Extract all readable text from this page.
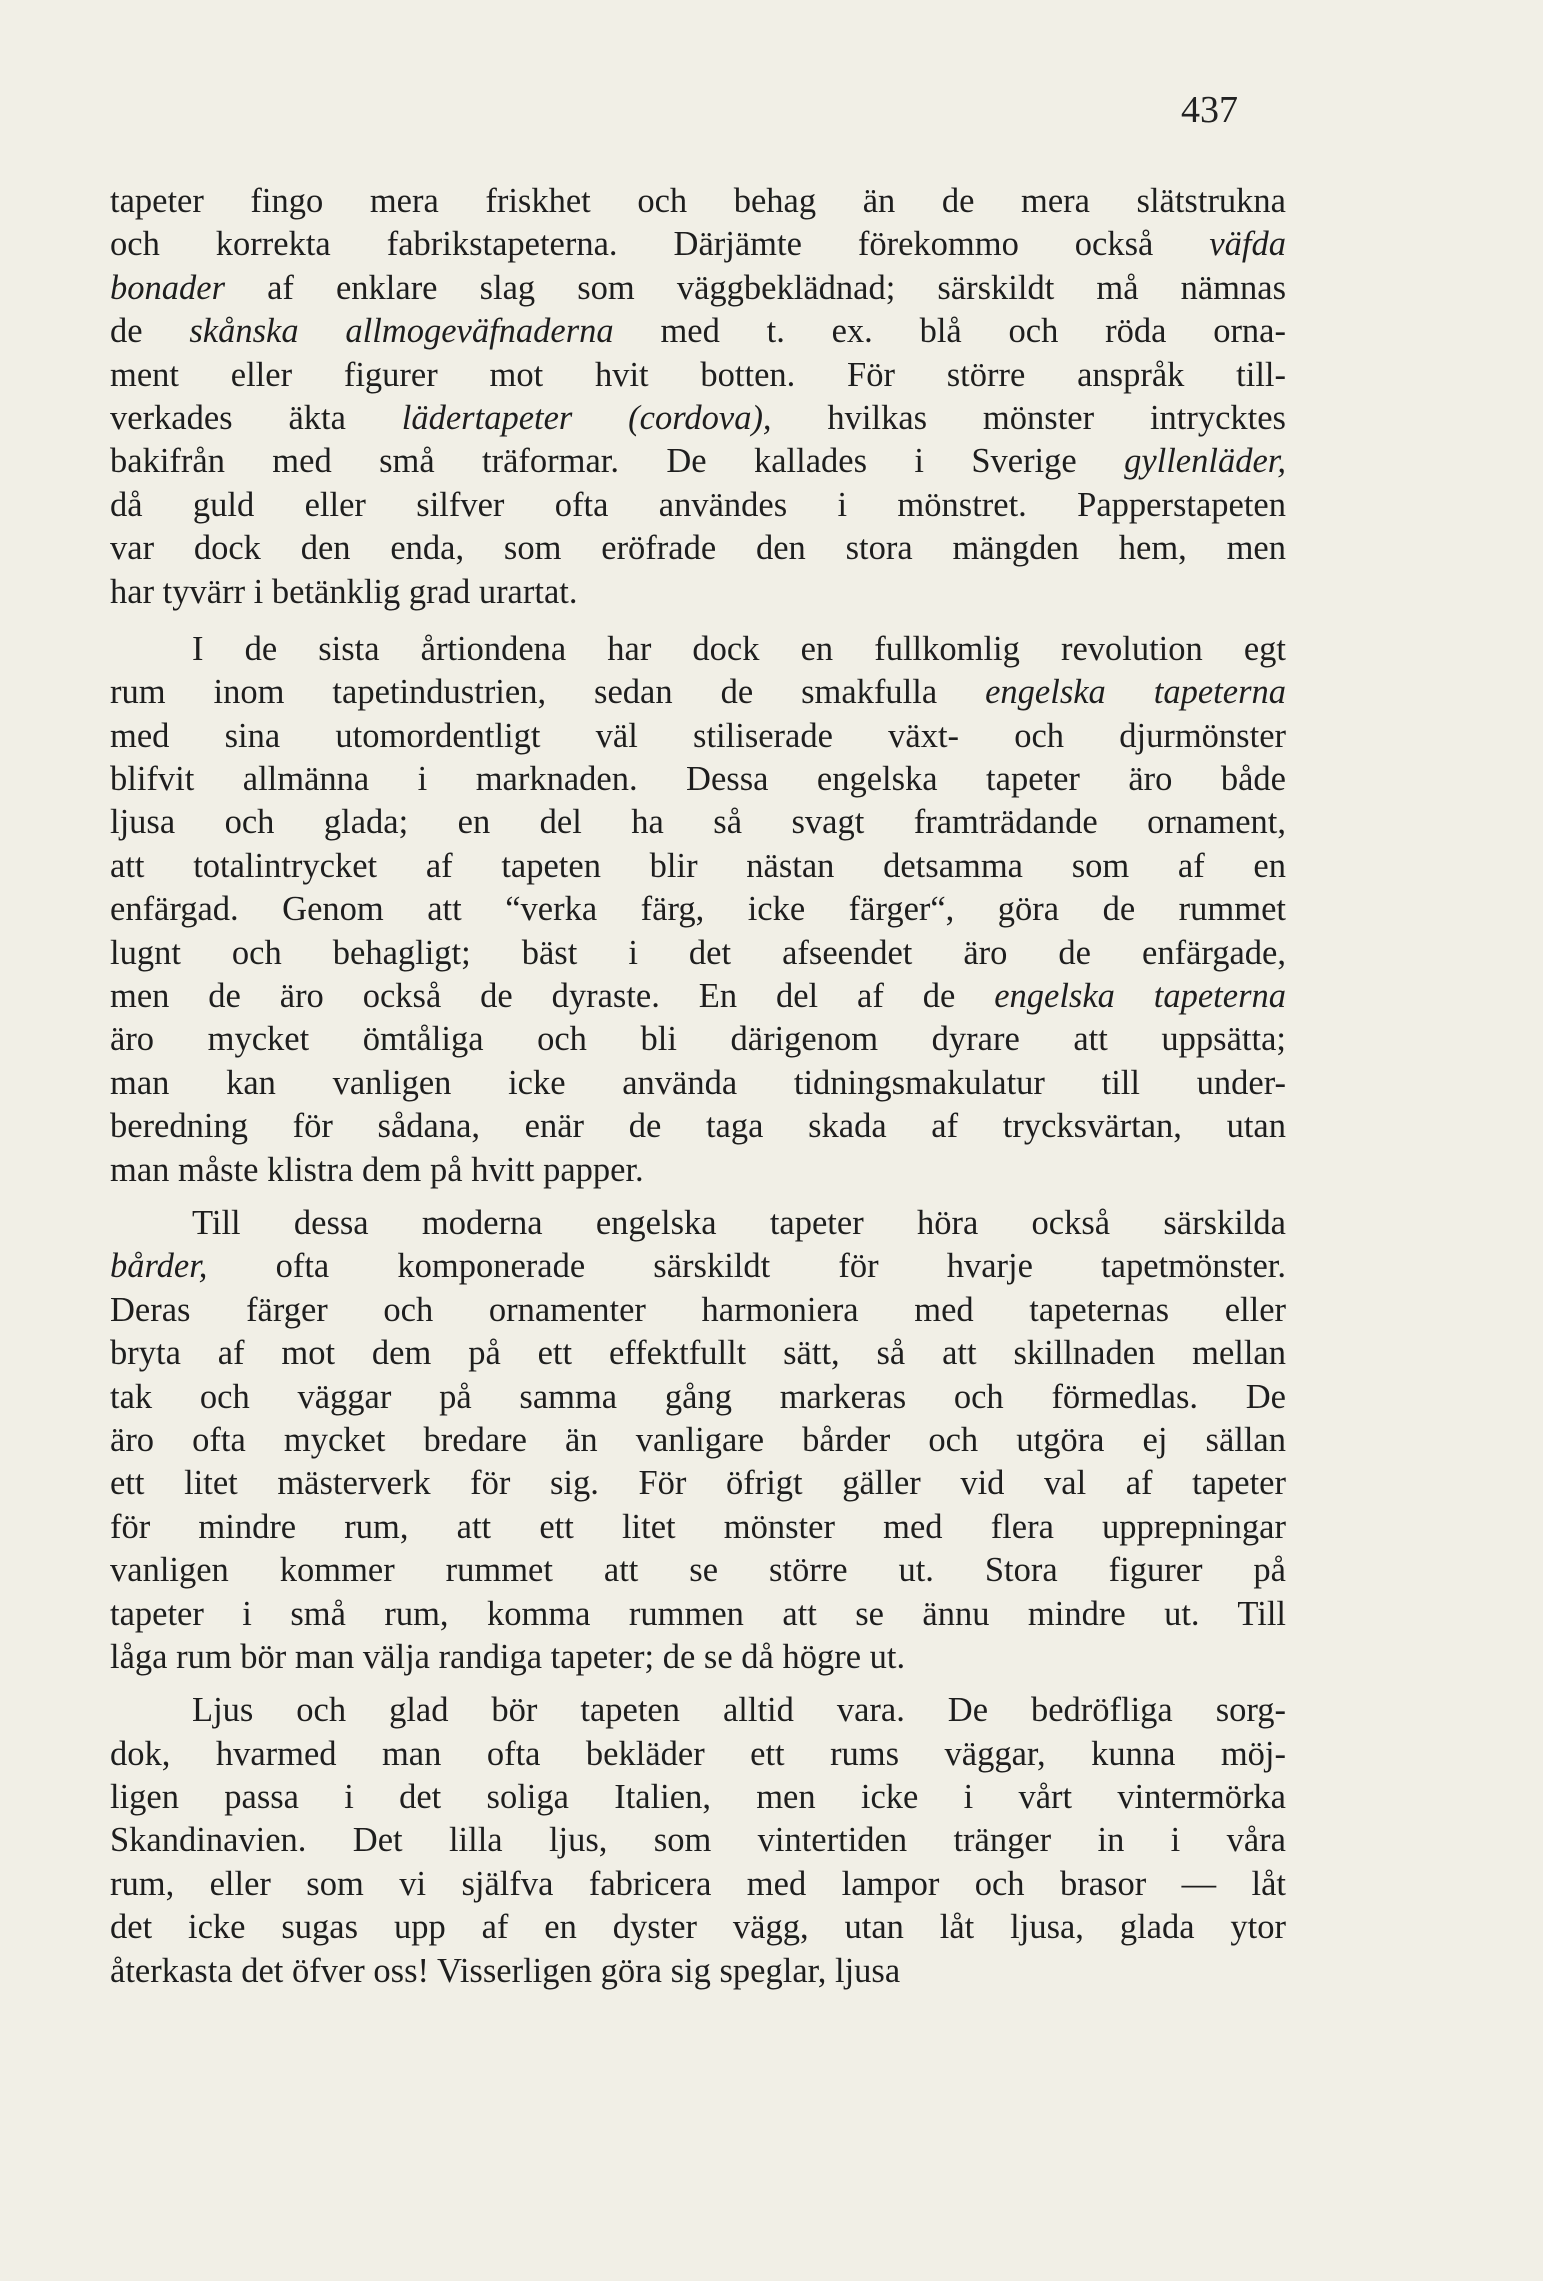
437
tapeter fingo mera friskhet och behag än de mera slätstrukna
och korrekta fabrikstapeterna. Därjämte förekommo också väfda
bonader af enklare slag som väggbeklädnad; särskildt må nämnas
de skånska allmogeväfnaderna med t. ex. blå och röda orna-
ment eller figurer mot hvit botten. För större anspråk till-
verkades äkta lädertapeter (cordova), hvilkas mönster intrycktes
bakifrån med små träformar. De kallades i Sverige gyllenläder,
då guld eller silfver ofta användes i mönstret. Papperstapeten
var dock den enda, som eröfrade den stora mängden hem, men
har tyvärr i betänklig grad urartat.
I de sista årtiondena har dock en fullkomlig revolution egt
rum inom tapetindustrien, sedan de smakfulla engelska tapeterna
med sina utomordentligt väl stiliserade växt- och djurmönster
blifvit allmänna i marknaden. Dessa engelska tapeter äro både
ljusa och glada; en del ha så svagt framträdande ornament,
att totalintrycket af tapeten blir nästan detsamma som af en
enfärgad. Genom att “verka färg, icke färger“, göra de rummet
lugnt och behagligt; bäst i det afseendet äro de enfärgade,
men de äro också de dyraste. En del af de engelska tapeterna
äro mycket ömtåliga och bli därigenom dyrare att uppsätta;
man kan vanligen icke använda tidningsmakulatur till under-
beredning för sådana, enär de taga skada af trycksvärtan, utan
man måste klistra dem på hvitt papper.
Till dessa moderna engelska tapeter höra också särskilda
bårder, ofta komponerade särskildt för hvarje tapetmönster.
Deras färger och ornamenter harmoniera med tapeternas eller
bryta af mot dem på ett effektfullt sätt, så att skillnaden mellan
tak och väggar på samma gång markeras och förmedlas. De
äro ofta mycket bredare än vanligare bårder och utgöra ej sällan
ett litet mästerverk för sig. För öfrigt gäller vid val af tapeter
för mindre rum, att ett litet mönster med flera upprepningar
vanligen kommer rummet att se större ut. Stora figurer på
tapeter i små rum, komma rummen att se ännu mindre ut. Till
låga rum bör man välja randiga tapeter; de se då högre ut.
Ljus och glad bör tapeten alltid vara. De bedröfliga sorg-
dok, hvarmed man ofta bekläder ett rums väggar, kunna möj-
ligen passa i det soliga Italien, men icke i vårt vintermörka
Skandinavien. Det lilla ljus, som vintertiden tränger in i våra
rum, eller som vi själfva fabricera med lampor och brasor — låt
det icke sugas upp af en dyster vägg, utan låt ljusa, glada ytor
återkasta det öfver oss! Visserligen göra sig speglar, ljusa
